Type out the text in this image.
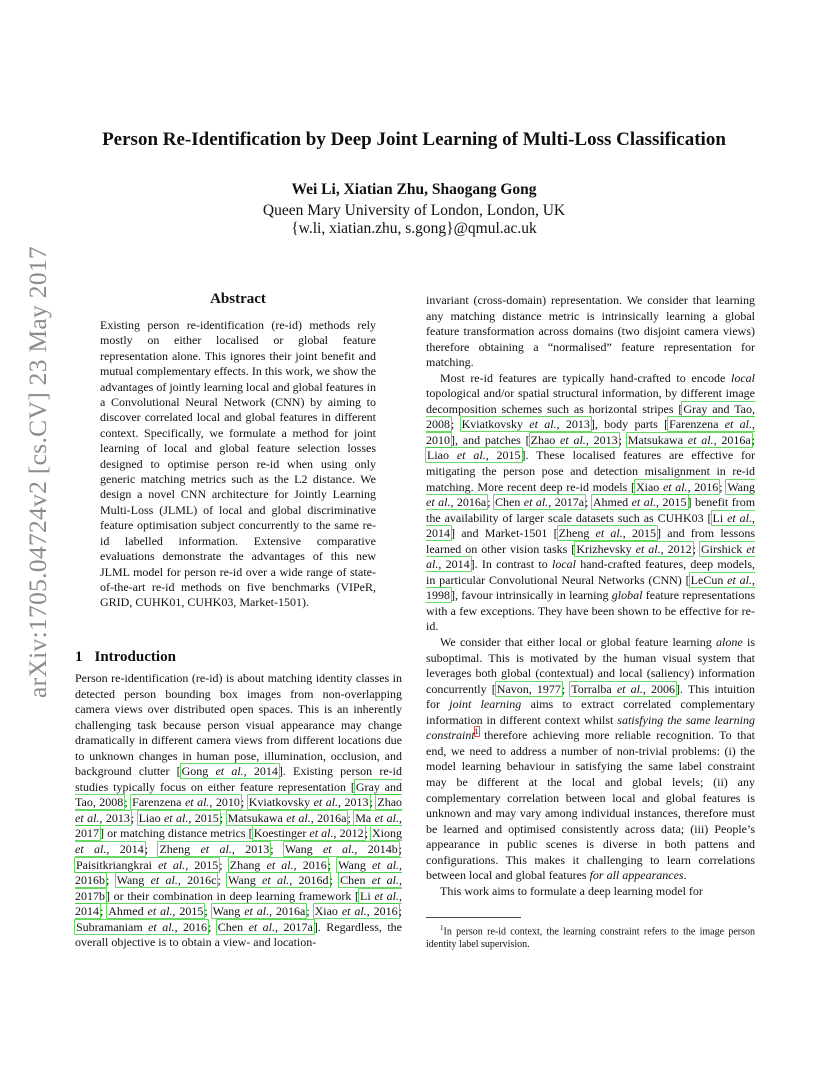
arXiv:1705.04724v2 [cs.CV] 23 May 2017
Person Re-Identification by Deep Joint Learning of Multi-Loss Classification
Wei Li, Xiatian Zhu, Shaogang Gong
Queen Mary University of London, London, UK
{w.li, xiatian.zhu, s.gong}@qmul.ac.uk
Abstract
Existing person re-identification (re-id) methods rely mostly on either localised or global feature representation alone. This ignores their joint benefit and mutual complementary effects. In this work, we show the advantages of jointly learning local and global features in a Convolutional Neural Network (CNN) by aiming to discover correlated local and global features in different context. Specifically, we formulate a method for joint learning of local and global feature selection losses designed to optimise person re-id when using only generic matching metrics such as the L2 distance. We design a novel CNN architecture for Jointly Learning Multi-Loss (JLML) of local and global discriminative feature optimisation subject concurrently to the same re-id labelled information. Extensive comparative evaluations demonstrate the advantages of this new JLML model for person re-id over a wide range of state-of-the-art re-id methods on five benchmarks (VIPeR, GRID, CUHK01, CUHK03, Market-1501).
1 Introduction

Person re-identification (re-id) is about matching identity classes in detected person bounding box images from non-overlapping camera views over distributed open spaces. This is an inherently challenging task because person visual appearance may change dramatically in different camera views from different locations due to unknown changes in human pose, illumination, occlusion, and background clutter [Gong et al., 2014]. Existing person re-id studies typically focus on either feature representation [Gray and Tao, 2008; Farenzena et al., 2010; Kviatkovsky et al., 2013; Zhao et al., 2013; Liao et al., 2015; Matsukawa et al., 2016a; Ma et al., 2017] or matching distance metrics [Koestinger et al., 2012; Xiong et al., 2014; Zheng et al., 2013; Wang et al., 2014b; Paisitkriangkrai et al., 2015; Zhang et al., 2016; Wang et al., 2016b; Wang et al., 2016c; Wang et al., 2016d; Chen et al., 2017b] or their combination in deep learning framework [Li et al., 2014; Ahmed et al., 2015; Wang et al., 2016a; Xiao et al., 2016; Subramaniam et al., 2016; Chen et al., 2017a]. Regardless, the overall objective is to obtain a view- and location-

invariant (cross-domain) representation. We consider that learning any matching distance metric is intrinsically learning a global feature transformation across domains (two disjoint camera views) therefore obtaining a “normalised” feature representation for matching.

Most re-id features are typically hand-crafted to encode local topological and/or spatial structural information, by different image decomposition schemes such as horizontal stripes [Gray and Tao, 2008; Kviatkovsky et al., 2013], body parts [Farenzena et al., 2010], and patches [Zhao et al., 2013; Matsukawa et al., 2016a; Liao et al., 2015]. These localised features are effective for mitigating the person pose and detection misalignment in re-id matching. More recent deep re-id models [Xiao et al., 2016; Wang et al., 2016a; Chen et al., 2017a; Ahmed et al., 2015] benefit from the availability of larger scale datasets such as CUHK03 [Li et al., 2014] and Market-1501 [Zheng et al., 2015] and from lessons learned on other vision tasks [Krizhevsky et al., 2012; Girshick et al., 2014]. In contrast to local hand-crafted features, deep models, in particular Convolutional Neural Networks (CNN) [LeCun et al., 1998], favour intrinsically in learning global feature representations with a few exceptions. They have been shown to be effective for re-id.

We consider that either local or global feature learning alone is suboptimal. This is motivated by the human visual system that leverages both global (contextual) and local (saliency) information concurrently [Navon, 1977; Torralba et al., 2006]. This intuition for joint learning aims to extract correlated complementary information in different context whilst satisfying the same learning constraint$^1$ therefore achieving more reliable recognition. To that end, we need to address a number of non-trivial problems: (i) the model learning behaviour in satisfying the same label constraint may be different at the local and global levels; (ii) any complementary correlation between local and global features is unknown and may vary among individual instances, therefore must be learned and optimised consistently across data; (iii) People’s appearance in public scenes is diverse in both pattens and configurations. This makes it challenging to learn correlations between local and global features for all appearances.

This work aims to formulate a deep learning model for

$^1$In person re-id context, the learning constraint refers to the image person identity label supervision.
